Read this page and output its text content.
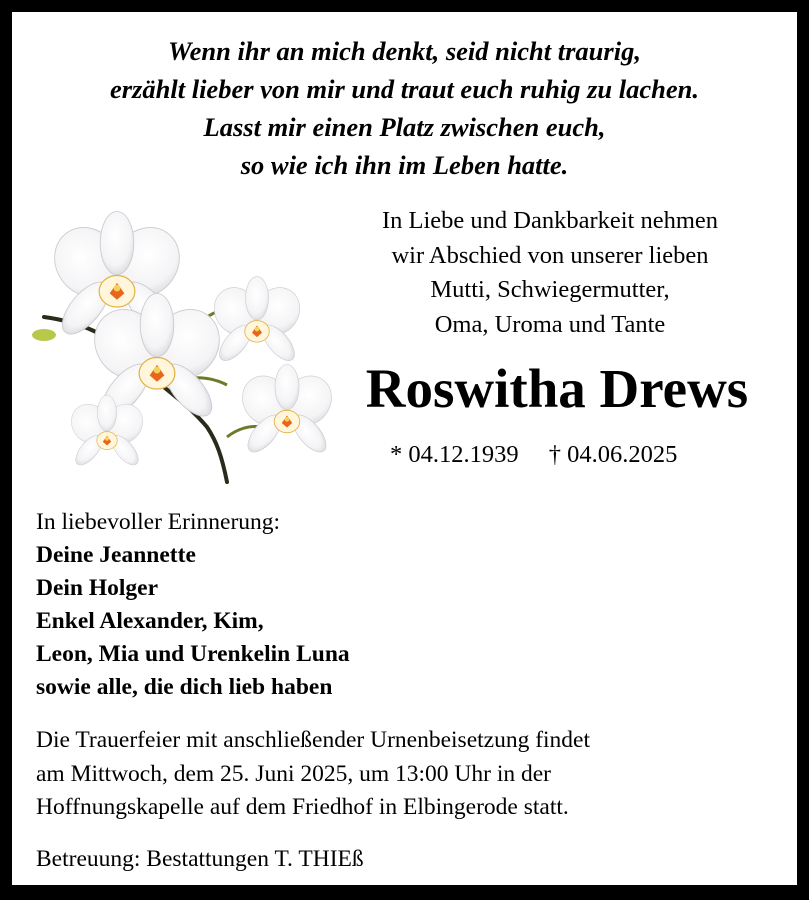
Wenn ihr an mich denkt, seid nicht traurig,
erzählt lieber von mir und traut euch ruhig zu lachen.
Lasst mir einen Platz zwischen euch,
so wie ich ihn im Leben hatte.
In Liebe und Dankbarkeit nehmen
wir Abschied von unserer lieben
Mutti, Schwiegermutter,
Oma, Uroma und Tante
Roswitha Drews
* 04.12.1939 † 04.06.2025
In liebevoller Erinnerung:
Deine Jeannette
Dein Holger
Enkel Alexander, Kim,
Leon, Mia und Urenkelin Luna
sowie alle, die dich lieb haben
Die Trauerfeier mit anschließender Urnenbeisetzung findet
am Mittwoch, dem 25. Juni 2025, um 13:00 Uhr in der
Hoffnungskapelle auf dem Friedhof in Elbingerode statt.
Betreuung: Bestattungen T. THIEß
